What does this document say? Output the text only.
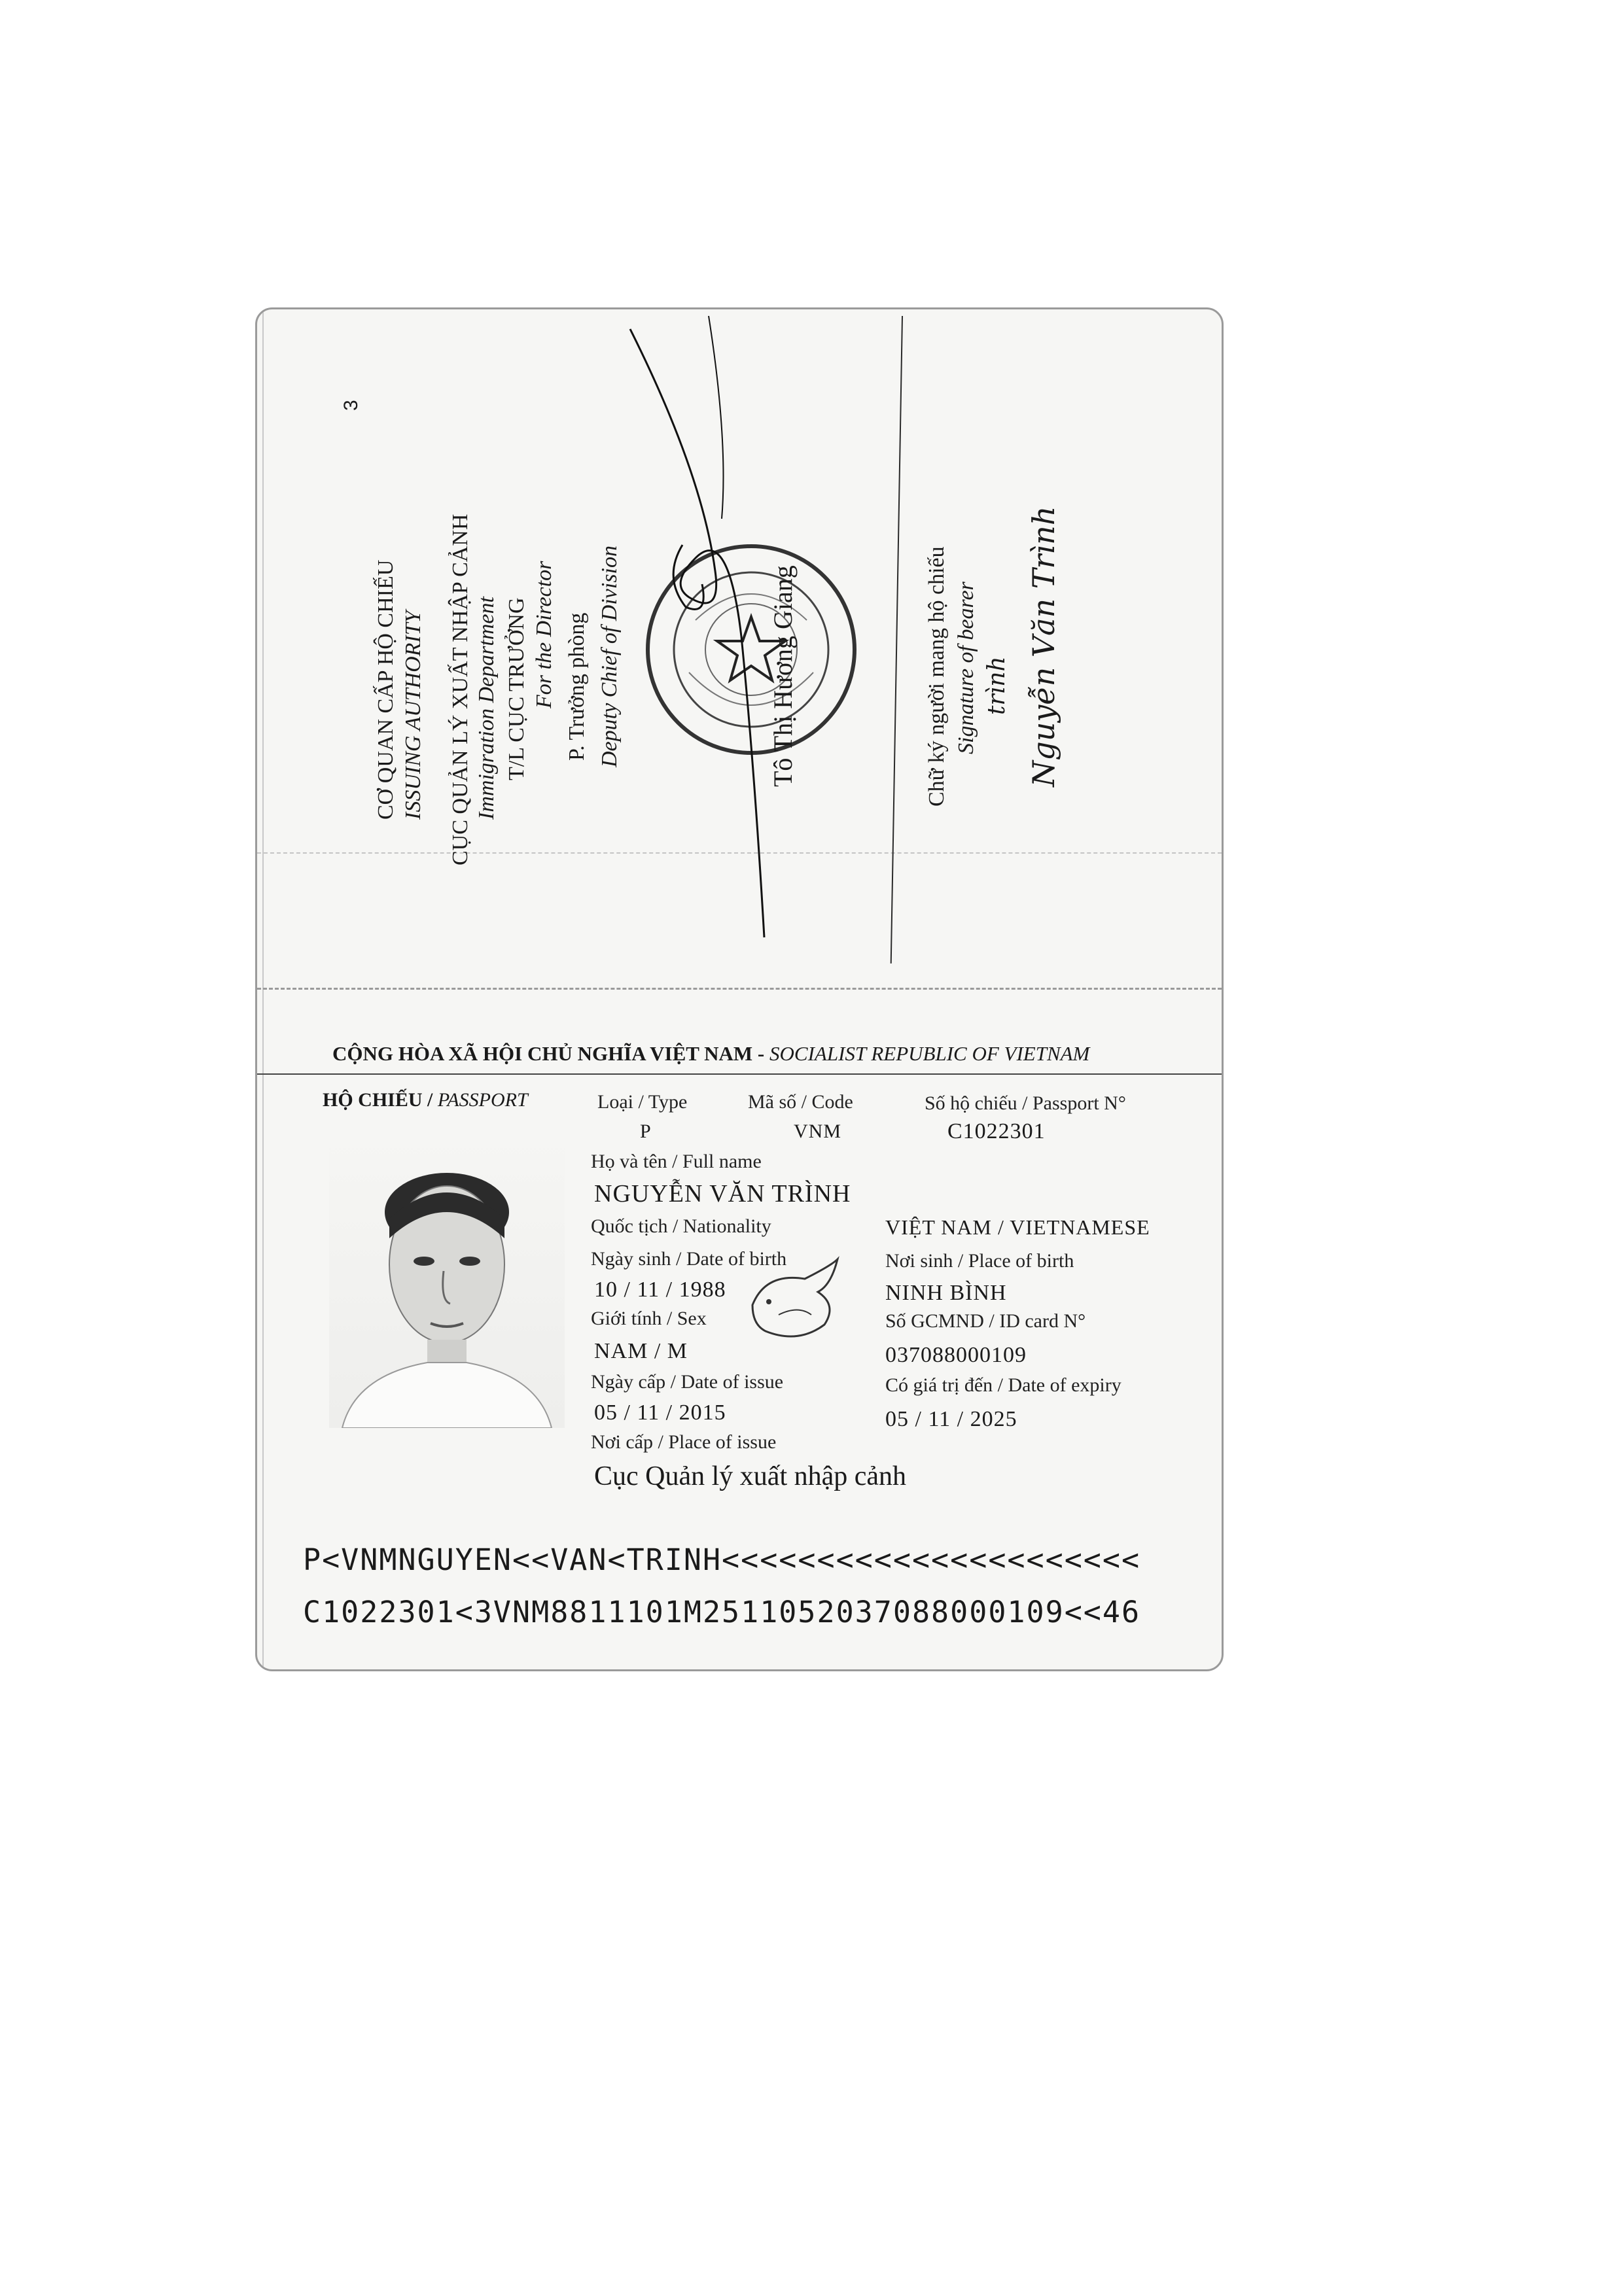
3
CƠ QUAN CẤP HỘ CHIẾU ISSUING AUTHORITY CỤC QUẢN LÝ XUẤT NHẬP CẢNH Immigration Department T/L CỤC TRƯỞNG For the Director P. Trưởng phòng Deputy Chief of Division	Tô Thị Hương Giang	Chữ ký người mang hộ chiếu Signature of bearer trình Nguyễn Văn Trình
CỘNG HÒA XÃ HỘI CHỦ NGHĨA VIỆT NAM - SOCIALIST REPUBLIC OF VIETNAM
HỘ CHIẾU / PASSPORT	Loại / Type	Mã số / Code	Số hộ chiếu / Passport N°
P	VNM	C1022301
Họ và tên / Full name
NGUYỄN VĂN TRÌNH
Quốc tịch / Nationality	VIỆT NAM / VIETNAMESE
Ngày sinh / Date of birth	Nơi sinh / Place of birth
10 / 11 / 1988	NINH BÌNH
Giới tính / Sex	Số GCMND / ID card N°
NAM / M	037088000109
Ngày cấp / Date of issue	Có giá trị đến / Date of expiry
05 / 11 / 2015	05 / 11 / 2025
Nơi cấp / Place of issue
Cục Quản lý xuất nhập cảnh
P<VNMNGUYEN<<VAN<TRINH<<<<<<<<<<<<<<<<<<<<<<
C1022301<3VNM8811101M2511052037088000109<<46
